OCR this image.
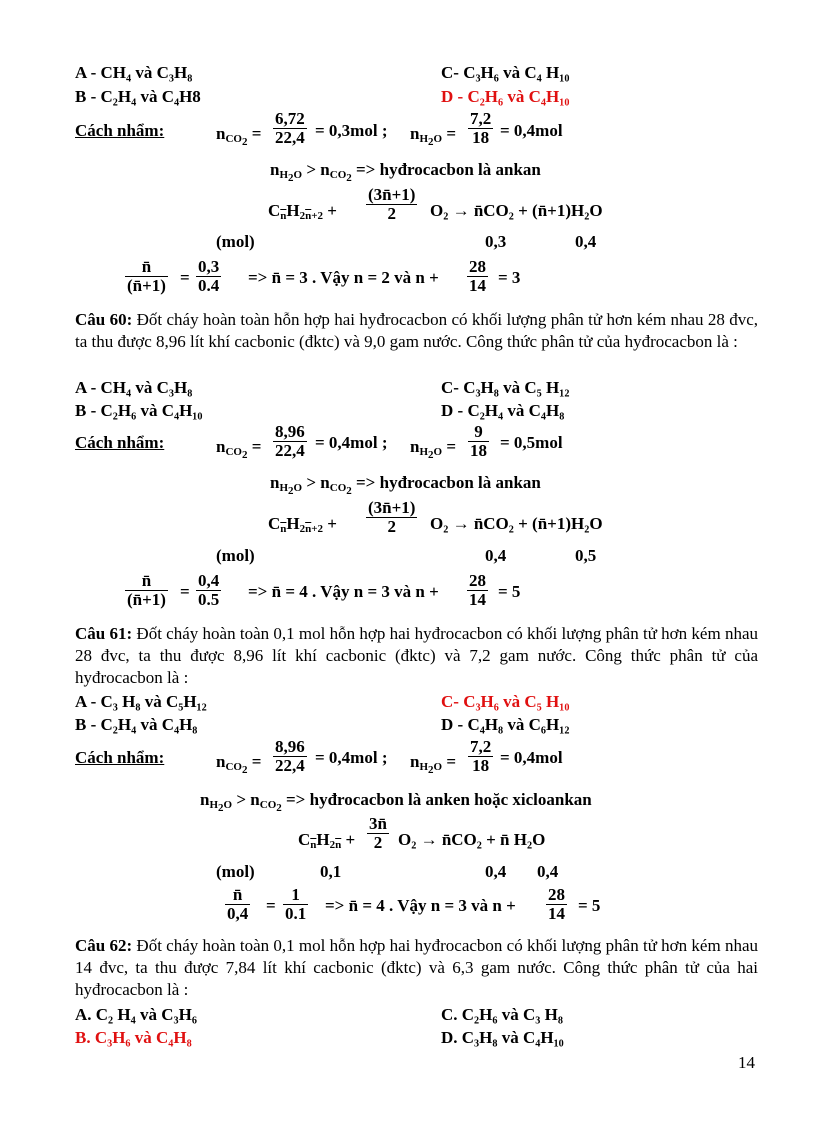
A - CH₄ và C₃H₈	C- C₃H₆ và C₄ H₁₀
B - C₂H₄ và C₄H8	D - C₂H₆ và C₄H₁₀
Cách nhẩm:	$n_{CO_2} = \frac{6,72}{22,4} = 0,3mol$ ; $n_{H_2O} = \frac{7,2}{18} = 0,4mol$
$n_{H_2O} > n_{CO_2}$ => hyđrocacbon là ankan
$C_{\overline{n}}H_{2\overline{n}+2} + \frac{(3n̄+1)}{2} O_2$ → n̄CO₂ + (n̄+1)H₂O
(mol)	0,3	0,4
$\frac{n̄}{(n̄+1)} = \frac{0,3}{0.4}$ => n̄ = 3 . Vậy n = 2 và $n + \frac{28}{14} = 3$
Câu 60: Đốt cháy hoàn toàn hỗn hợp hai hyđrocacbon có khối lượng phân tử hơn kém nhau 28 đvc, ta thu được 8,96 lít khí cacbonic (đktc) và 9,0 gam nước. Công thức phân tử của hyđrocacbon là :
A - CH₄ và C₃H₈	C- C₃H₈ và C₅ H₁₂
B - C₂H₆ và C₄H₁₀	D - C₂H₄ và C₄H₈
Cách nhẩm:	$n_{CO_2} = \frac{8,96}{22,4} = 0,4mol$ ; $n_{H_2O} = \frac{9}{18} = 0,5mol$
$n_{H_2O} > n_{CO_2}$ => hyđrocacbon là ankan
$C_{\overline{n}}H_{2\overline{n}+2} + \frac{(3n̄+1)}{2} O_2$ → n̄CO₂ + (n̄+1)H₂O
(mol)	0,4	0,5
$\frac{n̄}{(n̄+1)} = \frac{0,4}{0.5}$ => n̄ = 4 . Vậy n = 3 và $n + \frac{28}{14} = 5$
Câu 61: Đốt cháy hoàn toàn 0,1 mol hỗn hợp hai hyđrocacbon có khối lượng phân tử hơn kém nhau 28 đvc, ta thu được 8,96 lít khí cacbonic (đktc) và 7,2 gam nước. Công thức phân tử của hyđrocacbon là :
A - C₃ H₈ và C₅H₁₂	C- C₃H₆ và C₅ H₁₀
B - C₂H₄ và C₄H₈	D - C₄H₈ và C₆H₁₂
Cách nhẩm:	$n_{CO_2} = \frac{8,96}{22,4} = 0,4mol$ ; $n_{H_2O} = \frac{7,2}{18} = 0,4mol$
$n_{H_2O} > n_{CO_2}$ => hyđrocacbon là anken hoặc xicloankan
$C_{\overline{n}}H_{2\overline{n}} + \frac{3n̄}{2} O_2$ → n̄CO₂ + n̄ H₂O
(mol)	0,1	0,4 0,4
$\frac{n̄}{0,4} = \frac{1}{0.1}$ => n̄ = 4 . Vậy n = 3 và $n + \frac{28}{14} = 5$
Câu 62: Đốt cháy hoàn toàn 0,1 mol hỗn hợp hai hyđrocacbon có khối lượng phân tử hơn kém nhau 14 đvc, ta thu được 7,84 lít khí cacbonic (đktc) và 6,3 gam nước. Công thức phân tử của hai hyđrocacbon là :
A. C₂ H₄ và C₃H₆	C. C₂H₆ và C₃ H₈
B. C₃H₆ và C₄H₈	D. C₃H₈ và C₄H₁₀
14
